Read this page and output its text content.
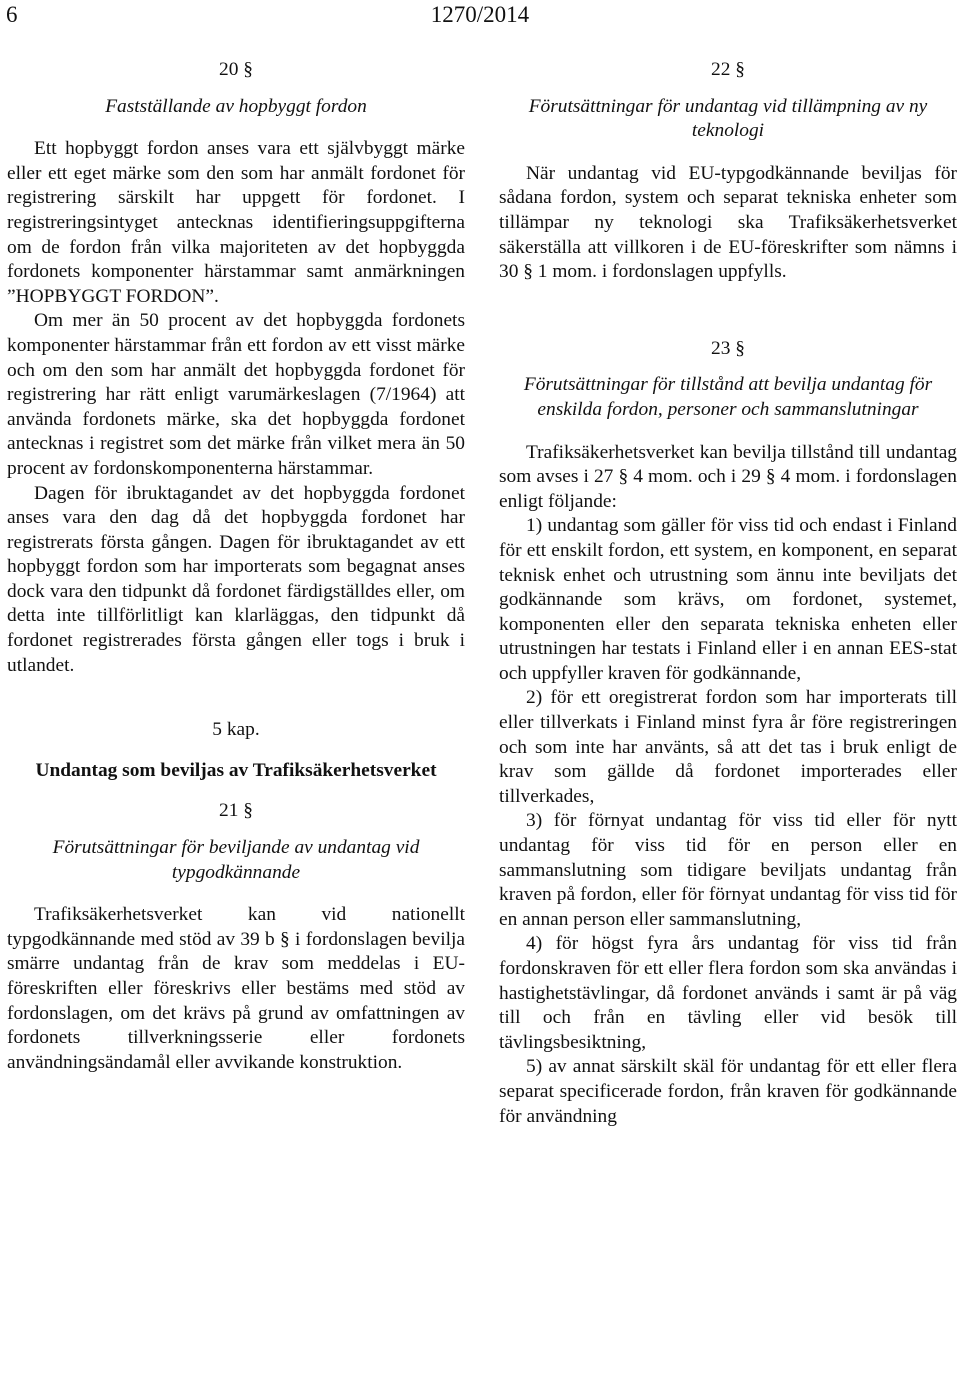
6	1270/2014
20 §
Fastställande av hopbyggt fordon

Ett hopbyggt fordon anses vara ett självbyggt märke eller ett eget märke som den som har anmält fordonet för registrering särskilt har uppgett för fordonet. I registreringsintyget antecknas identifieringsuppgifterna om de fordon från vilka majoriteten av det hopbyggda fordonets komponenter härstammar samt anmärkningen ”HOPBYGGT FORDON”.

Om mer än 50 procent av det hopbyggda fordonets komponenter härstammar från ett fordon av ett visst märke och om den som har anmält det hopbyggda fordonet för registrering har rätt enligt varumärkeslagen (7/1964) att använda fordonets märke, ska det hopbyggda fordonet antecknas i registret som det märke från vilket mera än 50 procent av fordonskomponenterna härstammar.

Dagen för ibruktagandet av det hopbyggda fordonet anses vara den dag då det hopbyggda fordonet har registrerats första gången. Dagen för ibruktagandet av ett hopbyggt fordon som har importerats som begagnat anses dock vara den tidpunkt då fordonet färdigställdes eller, om detta inte tillförlitligt kan klarläggas, den tidpunkt då fordonet registrerades första gången eller togs i bruk i utlandet.

5 kap.
Undantag som beviljas av Trafiksäkerhetsverket
21 §
Förutsättningar för beviljande av undantag vid typgodkännande

Trafiksäkerhetsverket kan vid nationellt typgodkännande med stöd av 39 b § i fordonslagen bevilja smärre undantag från de krav som meddelas i EU-föreskriften eller föreskrivs eller bestäms med stöd av fordonslagen, om det krävs på grund av omfattningen av fordonets tillverkningsserie eller fordonets användningsändamål eller avvikande konstruktion.

22 §
Förutsättningar för undantag vid tillämpning av ny teknologi

När undantag vid EU-typgodkännande beviljas för sådana fordon, system och separat tekniska enheter som tillämpar ny teknologi ska Trafiksäkerhetsverket säkerställa att villkoren i de EU-föreskrifter som nämns i 30 § 1 mom. i fordonslagen uppfylls.

23 §
Förutsättningar för tillstånd att bevilja undantag för enskilda fordon, personer och sammanslutningar

Trafiksäkerhetsverket kan bevilja tillstånd till undantag som avses i 27 § 4 mom. och i 29 § 4 mom. i fordonslagen enligt följande:

1) undantag som gäller för viss tid och endast i Finland för ett enskilt fordon, ett system, en komponent, en separat teknisk enhet och utrustning som ännu inte beviljats det godkännande som krävs, om fordonet, systemet, komponenten eller den separata tekniska enheten eller utrustningen har testats i Finland eller i en annan EES-stat och uppfyller kraven för godkännande,

2) för ett oregistrerat fordon som har importerats till eller tillverkats i Finland minst fyra år före registreringen och som inte har använts, så att det tas i bruk enligt de krav som gällde då fordonet importerades eller tillverkades,

3) för förnyat undantag för viss tid eller för nytt undantag för viss tid för en person eller en sammanslutning som tidigare beviljats undantag från kraven på fordon, eller för förnyat undantag för viss tid för en annan person eller sammanslutning,

4) för högst fyra års undantag för viss tid från fordonskraven för ett eller flera fordon som ska användas i hastighetstävlingar, då fordonet används i samt är på väg till och från en tävling eller vid besök till tävlingsbesiktning,

5) av annat särskilt skäl för undantag för ett eller flera separat specificerade fordon, från kraven för godkännande för användning
